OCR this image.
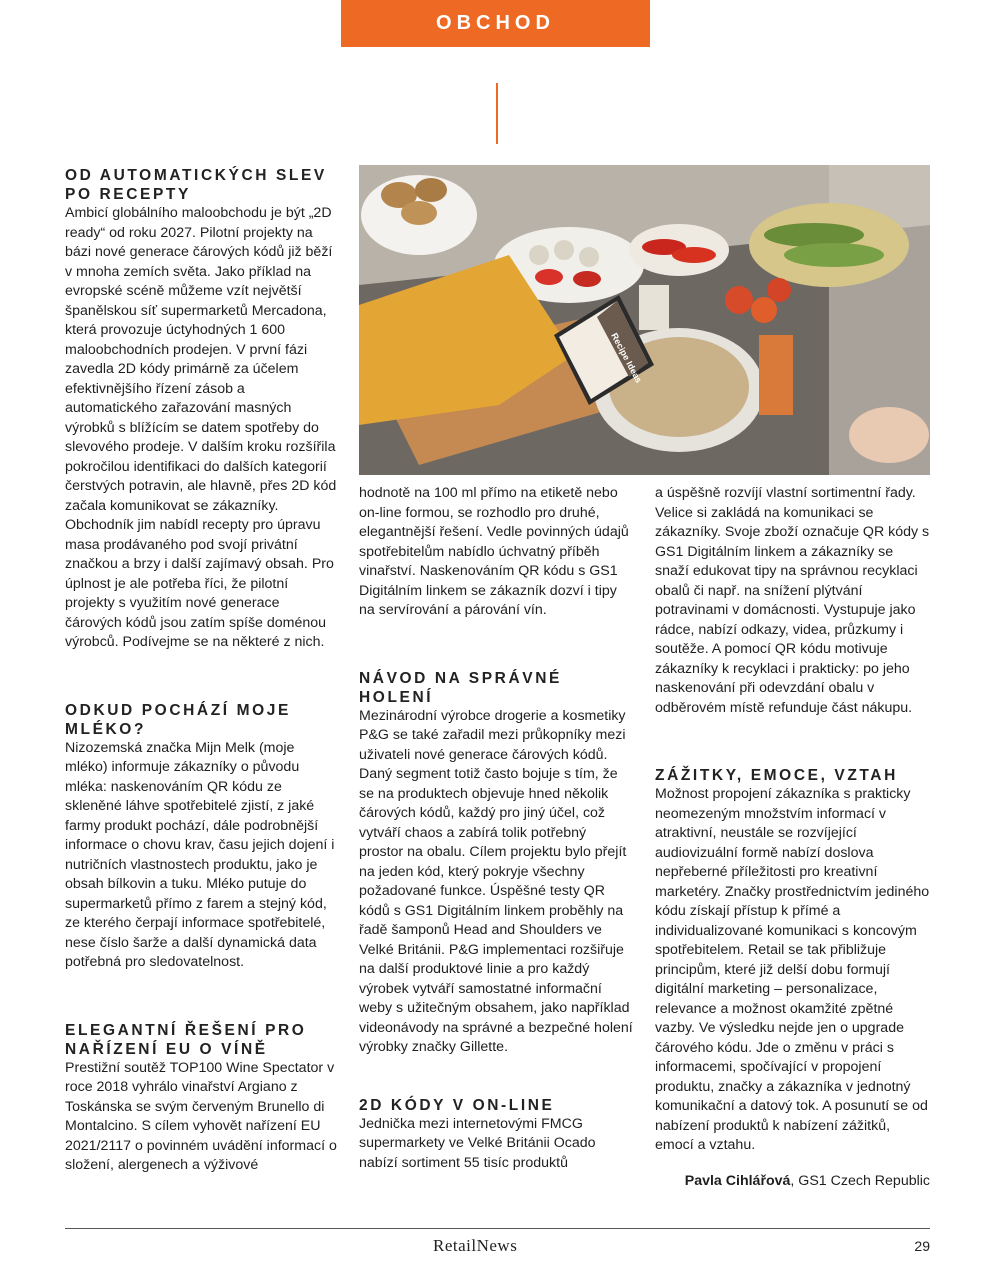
OBCHOD
Recipe Ideas
OD AUTOMATICKÝCH SLEV PO RECEPTY

Ambicí globálního maloobchodu je být „2D ready“ od roku 2027. Pilotní projekty na bázi nové generace čárových kódů již běží v mnoha zemích světa. Jako příklad na evropské scéně můžeme vzít největší španělskou síť supermarketů Mercadona, která provozuje úctyhodných 1 600 maloobchodních prodejen. V první fázi zavedla 2D kódy primárně za účelem efektivnějšího řízení zásob a automatického zařazování masných výrobků s blížícím se datem spotřeby do slevového prodeje. V dalším kroku rozšířila pokročilou identifikaci do dalších kategorií čerstvých potravin, ale hlavně, přes 2D kód začala komunikovat se zákazníky. Obchodník jim nabídl recepty pro úpravu masa prodávaného pod svojí privátní značkou a brzy i další zajímavý obsah. Pro úplnost je ale potřeba říci, že pilotní projekty s využitím nové generace čárových kódů jsou zatím spíše doménou výrobců. Podívejme se na některé z nich.

ODKUD POCHÁZÍ MOJE MLÉKO?

Nizozemská značka Mijn Melk (moje mléko) informuje zákazníky o původu mléka: naskenováním QR kódu ze skleněné láhve spotřebitelé zjistí, z jaké farmy produkt pochází, dále podrobnější informace o chovu krav, času jejich dojení i nutričních vlastnostech produktu, jako je obsah bílkovin a tuku. Mléko putuje do supermarketů přímo z farem a stejný kód, ze kterého čerpají informace spotřebitelé, nese číslo šarže a další dynamická data potřebná pro sledovatelnost.

ELEGANTNÍ ŘEŠENÍ PRO NAŘÍZENÍ EU O VÍNĚ

Prestižní soutěž TOP100 Wine Spectator v roce 2018 vyhrálo vinařství Argiano z Toskánska se svým červeným Brunello di Montalcino. S cílem vyhovět nařízení EU 2021/2117 o povinném uvádění informací o složení, alergenech a výživové

hodnotě na 100 ml přímo na etiketě nebo on-line formou, se rozhodlo pro druhé, elegantnější řešení. Vedle povinných údajů spotřebitelům nabídlo úchvatný příběh vinařství. Naskenováním QR kódu s GS1 Digitálním linkem se zákazník dozví i tipy na servírování a párování vín.

NÁVOD NA SPRÁVNÉ HOLENÍ

Mezinárodní výrobce drogerie a kosmetiky P&G se také zařadil mezi průkopníky mezi uživateli nové generace čárových kódů. Daný segment totiž často bojuje s tím, že se na produktech objevuje hned několik čárových kódů, každý pro jiný účel, což vytváří chaos a zabírá tolik potřebný prostor na obalu. Cílem projektu bylo přejít na jeden kód, který pokryje všechny požadované funkce. Úspěšné testy QR kódů s GS1 Digitálním linkem proběhly na řadě šamponů Head and Shoulders ve Velké Británii. P&G implementaci rozšiřuje na další produktové linie a pro každý výrobek vytváří samostatné informační weby s užitečným obsahem, jako například videonávody na správné a bezpečné holení výrobky značky Gillette.

2D KÓDY V ON-LINE

Jednička mezi internetovými FMCG supermarkety ve Velké Británii Ocado nabízí sortiment 55 tisíc produktů

a úspěšně rozvíjí vlastní sortimentní řady. Velice si zakládá na komunikaci se zákazníky. Svoje zboží označuje QR kódy s GS1 Digitálním linkem a zákazníky se snaží edukovat tipy na správnou recyklaci obalů či např. na snížení plýtvání potravinami v domácnosti. Vystupuje jako rádce, nabízí odkazy, videa, průzkumy i soutěže. A pomocí QR kódu motivuje zákazníky k recyklaci i prakticky: po jeho naskenování při odevzdání obalu v odběrovém místě refunduje část nákupu.

ZÁŽITKY, EMOCE, VZTAH

Možnost propojení zákazníka s prakticky neomezeným množstvím informací v atraktivní, neustále se rozvíjející audiovizuální formě nabízí doslova nepřeberné příležitosti pro kreativní marketéry. Značky prostřednictvím jediného kódu získají přístup k přímé a individualizované komunikaci s koncovým spotřebitelem. Retail se tak přibližuje principům, které již delší dobu formují digitální marketing – personalizace, relevance a možnost okamžité zpětné vazby. Ve výsledku nejde jen o upgrade čárového kódu. Jde o změnu v práci s informacemi, spočívající v propojení produktu, značky a zákazníka v jednotný komunikační a datový tok. A posunutí se od nabízení produktů k nabízení zážitků, emocí a vztahu.

Pavla Cihlářová, GS1 Czech Republic
RetailNews	29
